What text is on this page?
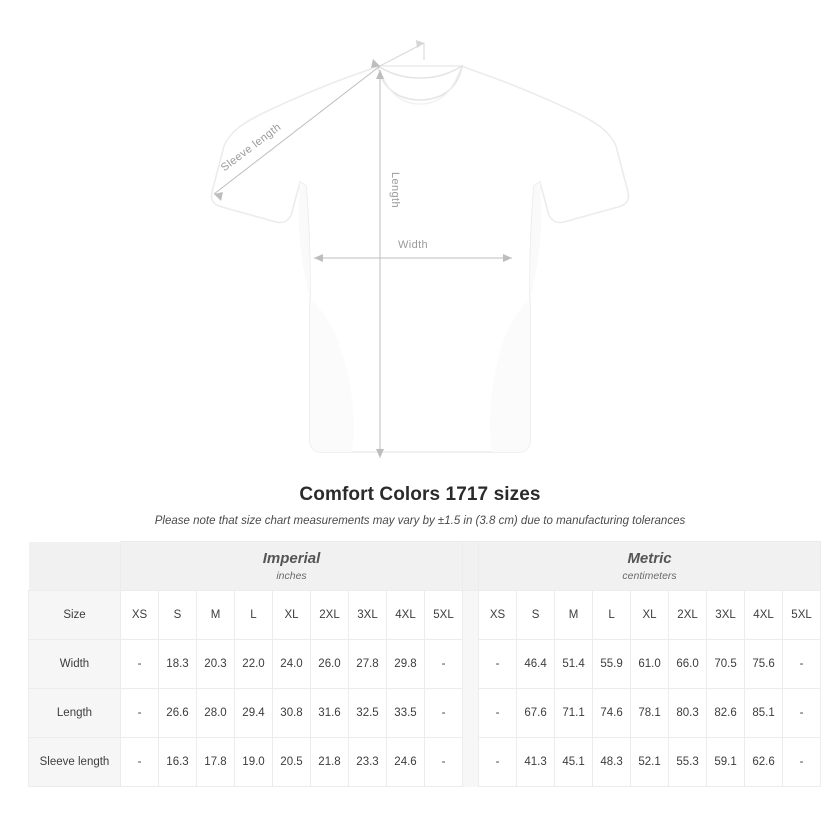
Sleeve length
Length
Width
Comfort Colors 1717 sizes
Please note that size chart measurements may vary by ±1.5 in (3.8 cm) due to manufacturing tolerances

Imperial
inches

Metric
centimeters

Size	XS	S	M	L	XL	2XL	3XL	4XL	5XL		XS	S	M	L	XL	2XL	3XL	4XL	5XL
Width	-	18.3	20.3	22.0	24.0	26.0	27.8	29.8	-		-	46.4	51.4	55.9	61.0	66.0	70.5	75.6	-
Length	-	26.6	28.0	29.4	30.8	31.6	32.5	33.5	-		-	67.6	71.1	74.6	78.1	80.3	82.6	85.1	-
Sleeve length	-	16.3	17.8	19.0	20.5	21.8	23.3	24.6	-		-	41.3	45.1	48.3	52.1	55.3	59.1	62.6	-
